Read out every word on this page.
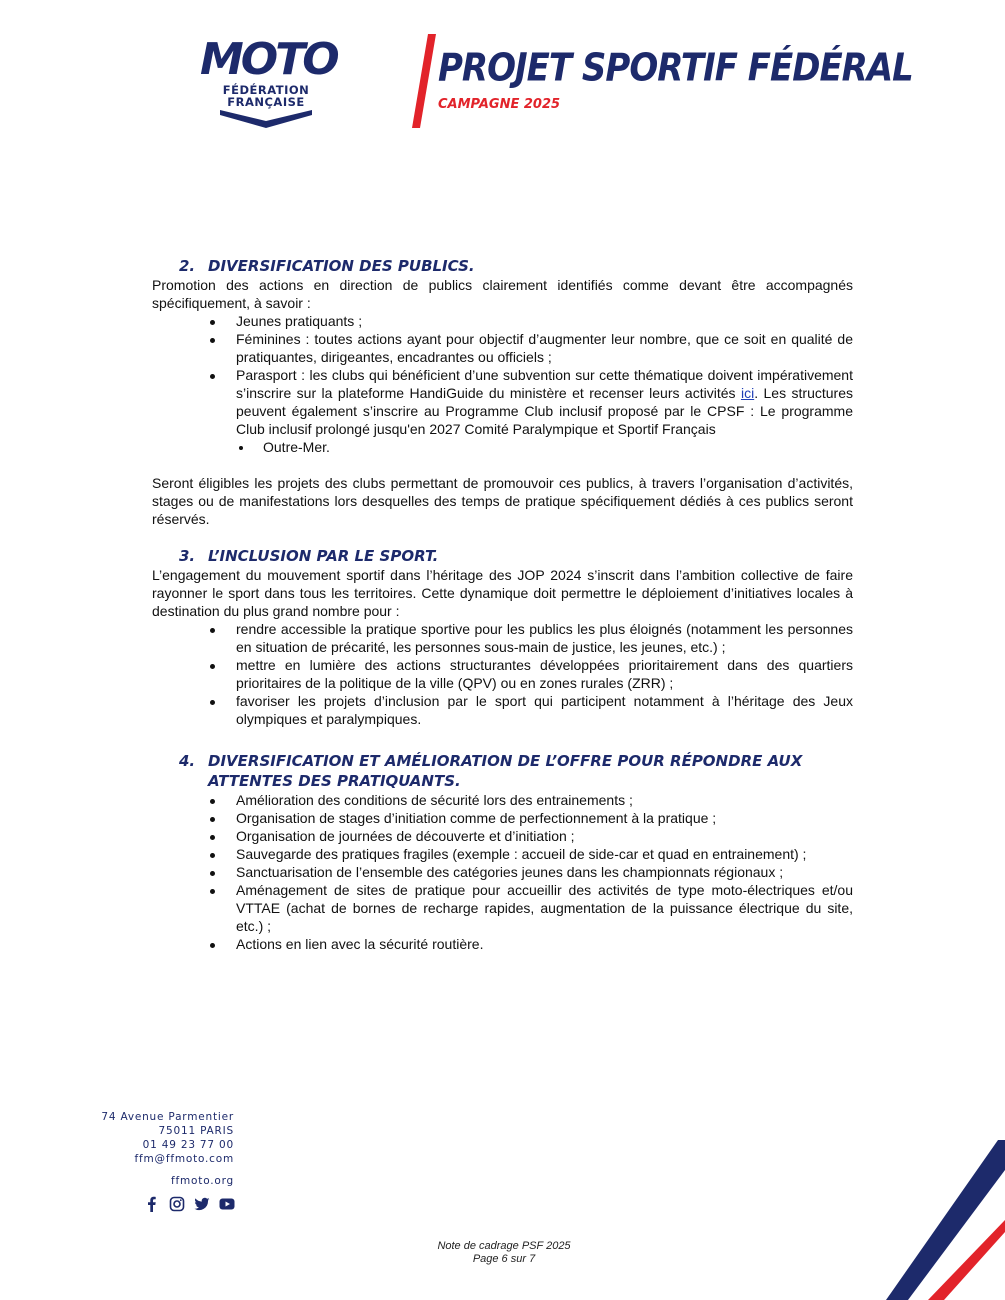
MOTO
FÉDÉRATION
FRANÇAISE
PROJET SPORTIF FÉDÉRAL
CAMPAGNE 2025
2. DIVERSIFICATION DES PUBLICS.

Promotion des actions en direction de publics clairement identifiés comme devant être accompagnés spécifiquement, à savoir :

Jeunes pratiquants ;
Féminines : toutes actions ayant pour objectif d’augmenter leur nombre, que ce soit en qualité de pratiquantes, dirigeantes, encadrantes ou officiels ;
Parasport : les clubs qui bénéficient d’une subvention sur cette thématique doivent impérativement s’inscrire sur la plateforme HandiGuide du ministère et recenser leurs activités ici. Les structures peuvent également s’inscrire au Programme Club inclusif proposé par le CPSF : Le programme Club inclusif prolongé jusqu'en 2027 Comité Paralympique et Sportif Français
Outre-Mer.

Seront éligibles les projets des clubs permettant de promouvoir ces publics, à travers l’organisation d’activités, stages ou de manifestations lors desquelles des temps de pratique spécifiquement dédiés à ces publics seront réservés.

3. L’INCLUSION PAR LE SPORT.

L’engagement du mouvement sportif dans l’héritage des JOP 2024 s’inscrit dans l’ambition collective de faire rayonner le sport dans tous les territoires. Cette dynamique doit permettre le déploiement d’initiatives locales à destination du plus grand nombre pour :

rendre accessible la pratique sportive pour les publics les plus éloignés (notamment les personnes en situation de précarité, les personnes sous-main de justice, les jeunes, etc.) ;
mettre en lumière des actions structurantes développées prioritairement dans des quartiers prioritaires de la politique de la ville (QPV) ou en zones rurales (ZRR) ;
favoriser les projets d’inclusion par le sport qui participent notamment à l’héritage des Jeux olympiques et paralympiques.
4. DIVERSIFICATION ET AMÉLIORATION DE L’OFFRE POUR RÉPONDRE AUX ATTENTES DES PRATIQUANTS.
Amélioration des conditions de sécurité lors des entrainements ;
Organisation de stages d’initiation comme de perfectionnement à la pratique ;
Organisation de journées de découverte et d’initiation ;
Sauvegarde des pratiques fragiles (exemple : accueil de side-car et quad en entrainement) ;
Sanctuarisation de l’ensemble des catégories jeunes dans les championnats régionaux ;
Aménagement de sites de pratique pour accueillir des activités de type moto-électriques et/ou VTTAE (achat de bornes de recharge rapides, augmentation de la puissance électrique du site, etc.) ;
Actions en lien avec la sécurité routière.
74 Avenue Parmentier
75011 PARIS
01 49 23 77 00
ffm@ffmoto.com
ffmoto.org
Note de cadrage PSF 2025
Page 6 sur 7
